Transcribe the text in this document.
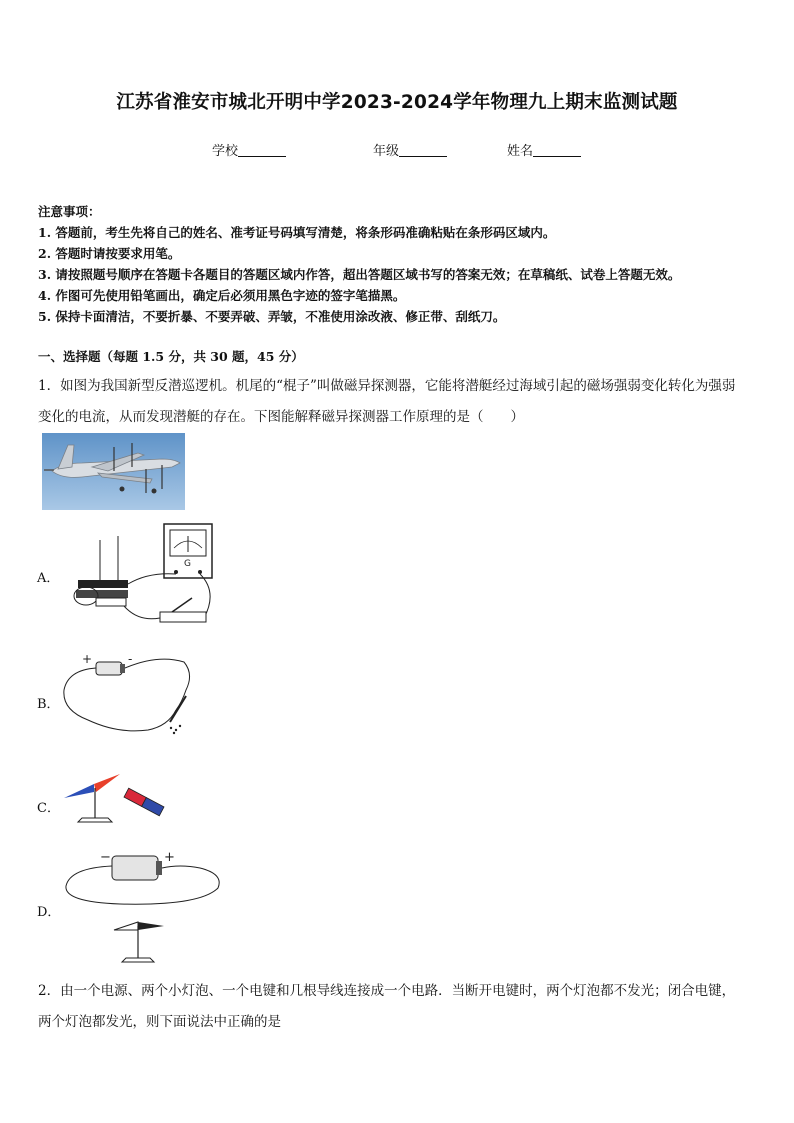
江苏省淮安市城北开明中学2023-2024学年物理九上期末监测试题
学校	年级	姓名
注意事项：
1. 答题前，考生先将自己的姓名、准考证号码填写清楚，将条形码准确粘贴在条形码区域内。
2. 答题时请按要求用笔。
3. 请按照题号顺序在答题卡各题目的答题区域内作答，超出答题区域书写的答案无效；在草稿纸、试卷上答题无效。
4. 作图可先使用铅笔画出，确定后必须用黑色字迹的签字笔描黑。
5. 保持卡面清洁，不要折暴、不要弄破、弄皱，不准使用涂改液、修正带、刮纸刀。
一、选择题（每题 1.5 分，共 30 题，45 分）
1．如图为我国新型反潜巡逻机。机尾的“棍子”叫做磁异探测器，它能将潜艇经过海域引起的磁场强弱变化转化为强弱
变化的电流，从而发现潜艇的存在。下图能解释磁异探测器工作原理的是（　　）
A．
G
B．
+	-
C．
D．
−	+
2．由一个电源、两个小灯泡、一个电键和几根导线连接成一个电路．当断开电键时，两个灯泡都不发光；闭合电键，
两个灯泡都发光，则下面说法中正确的是
